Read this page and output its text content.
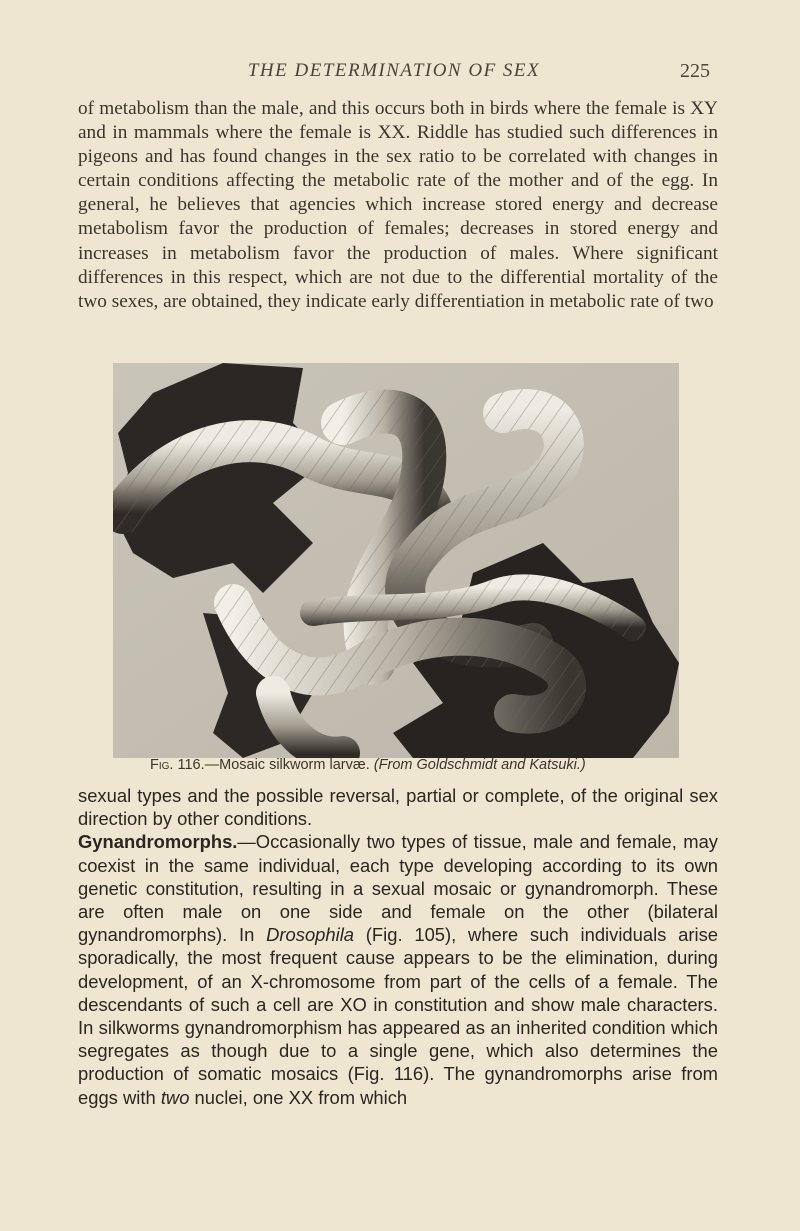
THE DETERMINATION OF SEX	225

of metabolism than the male, and this occurs both in birds where the female is XY and in mammals where the female is XX. Riddle has studied such differences in pigeons and has found changes in the sex ratio to be correlated with changes in certain conditions affecting the metabolic rate of the mother and of the egg. In general, he believes that agencies which increase stored energy and decrease metabolism favor the production of females; decreases in stored energy and increases in metabolism favor the production of males. Where significant differences in this respect, which are not due to the differential mortality of the two sexes, are obtained, they indicate early differentiation in metabolic rate of two

Fig. 116.—Mosaic silkworm larvæ. (From Goldschmidt and Katsuki.)

sexual types and the possible reversal, partial or complete, of the original sex direction by other conditions.
Gynandromorphs.—Occasionally two types of tissue, male and female, may coexist in the same individual, each type developing according to its own genetic constitution, resulting in a sexual mosaic or gynandromorph. These are often male on one side and female on the other (bilateral gynandromorphs). In Drosophila (Fig. 105), where such individuals arise sporadically, the most frequent cause appears to be the elimination, during development, of an X-chromosome from part of the cells of a female. The descendants of such a cell are XO in constitution and show male characters. In silkworms gynandromorphism has appeared as an inherited condition which segregates as though due to a single gene, which also determines the production of somatic mosaics (Fig. 116). The gynandromorphs arise from eggs with two nuclei, one XX from which
